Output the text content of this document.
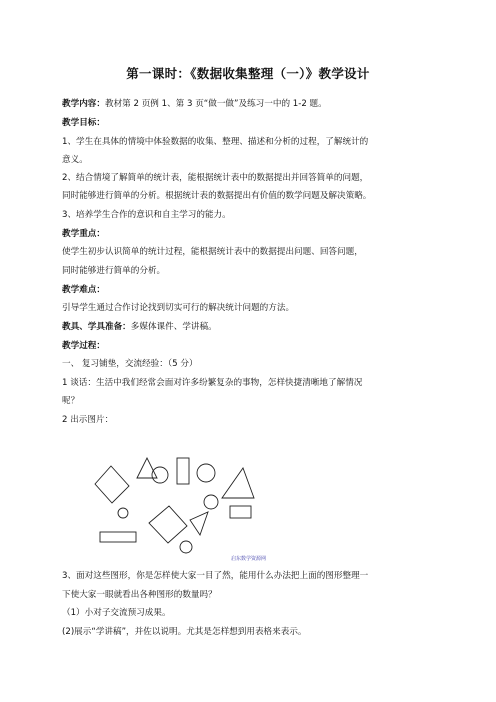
第一课时：《数据收集整理（一）》教学设计
教学内容：教材第 2 页例 1、第 3 页“做一做”及练习一中的 1-2 题。
教学目标：
1、学生在具体的情境中体验数据的收集、整理、描述和分析的过程，了解统计的
意义。
2、结合情境了解简单的统计表，能根据统计表中的数据提出并回答简单的问题，
同时能够进行简单的分析。根据统计表的数据提出有价值的数学问题及解决策略。
3、培养学生合作的意识和自主学习的能力。
教学重点：
使学生初步认识简单的统计过程，能根据统计表中的数据提出问题、回答问题，
同时能够进行简单的分析。
教学难点：
引导学生通过合作讨论找到切实可行的解决统计问题的方法。
教具、学具准备：多媒体课件、学讲稿。
教学过程：
一、 复习铺垫，交流经验：（5 分）
1 谈话：生活中我们经常会面对许多纷繁复杂的事物，怎样快捷清晰地了解情况
呢？
2 出示图片：
启东数学资源网
3、面对这些图形，你是怎样使大家一目了然，能用什么办法把上面的图形整理一
下使大家一眼就看出各种图形的数量吗？
（1）小对子交流预习成果。
(2)展示“学讲稿”，并佐以说明。尤其是怎样想到用表格来表示。
